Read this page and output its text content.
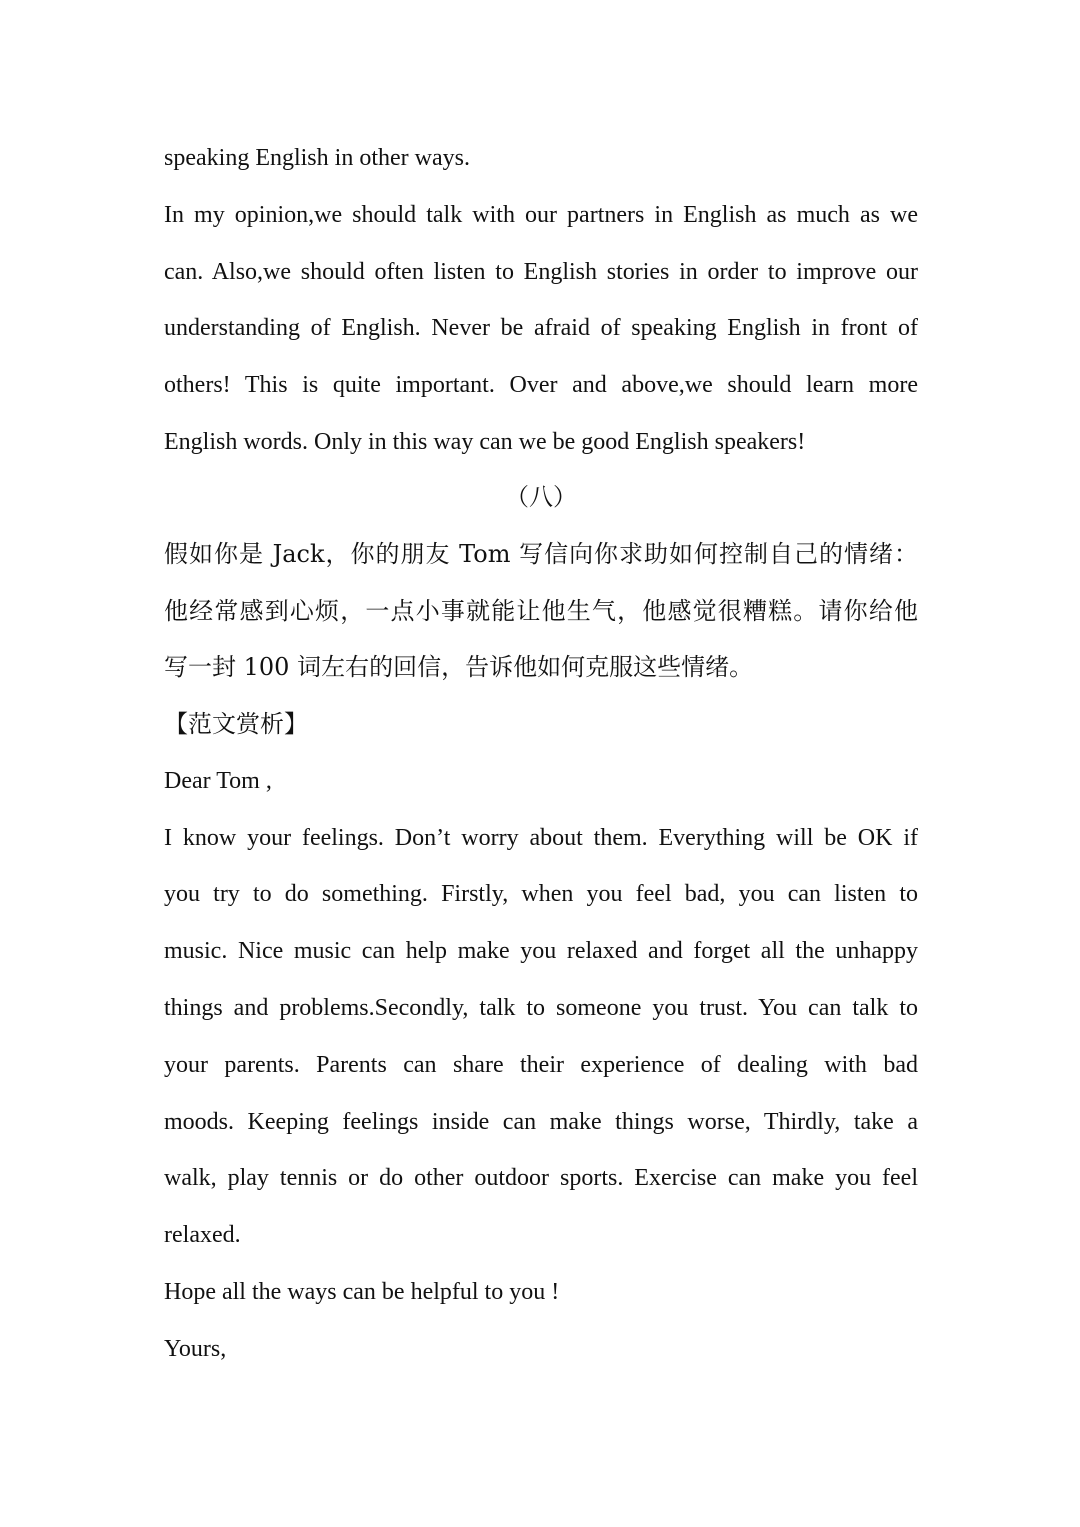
speaking English in other ways.
In my opinion,we should talk with our partners in English as much as we
can. Also,we should often listen to English stories in order to improve our
understanding of English. Never be afraid of speaking English in front of
others! This is quite important. Over and above,we should learn more
English words. Only in this way can we be good English speakers!
（八）
假如你是 Jack，你的朋友 Tom 写信向你求助如何控制自己的情绪：
他经常感到心烦，一点小事就能让他生气，他感觉很糟糕。请你给他
写一封 100 词左右的回信，告诉他如何克服这些情绪。
【范文赏析】
Dear Tom ,
I know your feelings. Don’t worry about them. Everything will be OK if
you try to do something. Firstly, when you feel bad, you can listen to
music. Nice music can help make you relaxed and forget all the unhappy
things and problems.Secondly, talk to someone you trust. You can talk to
your parents. Parents can share their experience of dealing with bad
moods. Keeping feelings inside can make things worse, Thirdly, take a
walk, play tennis or do other outdoor sports. Exercise can make you feel
relaxed.
Hope all the ways can be helpful to you !
Yours,
